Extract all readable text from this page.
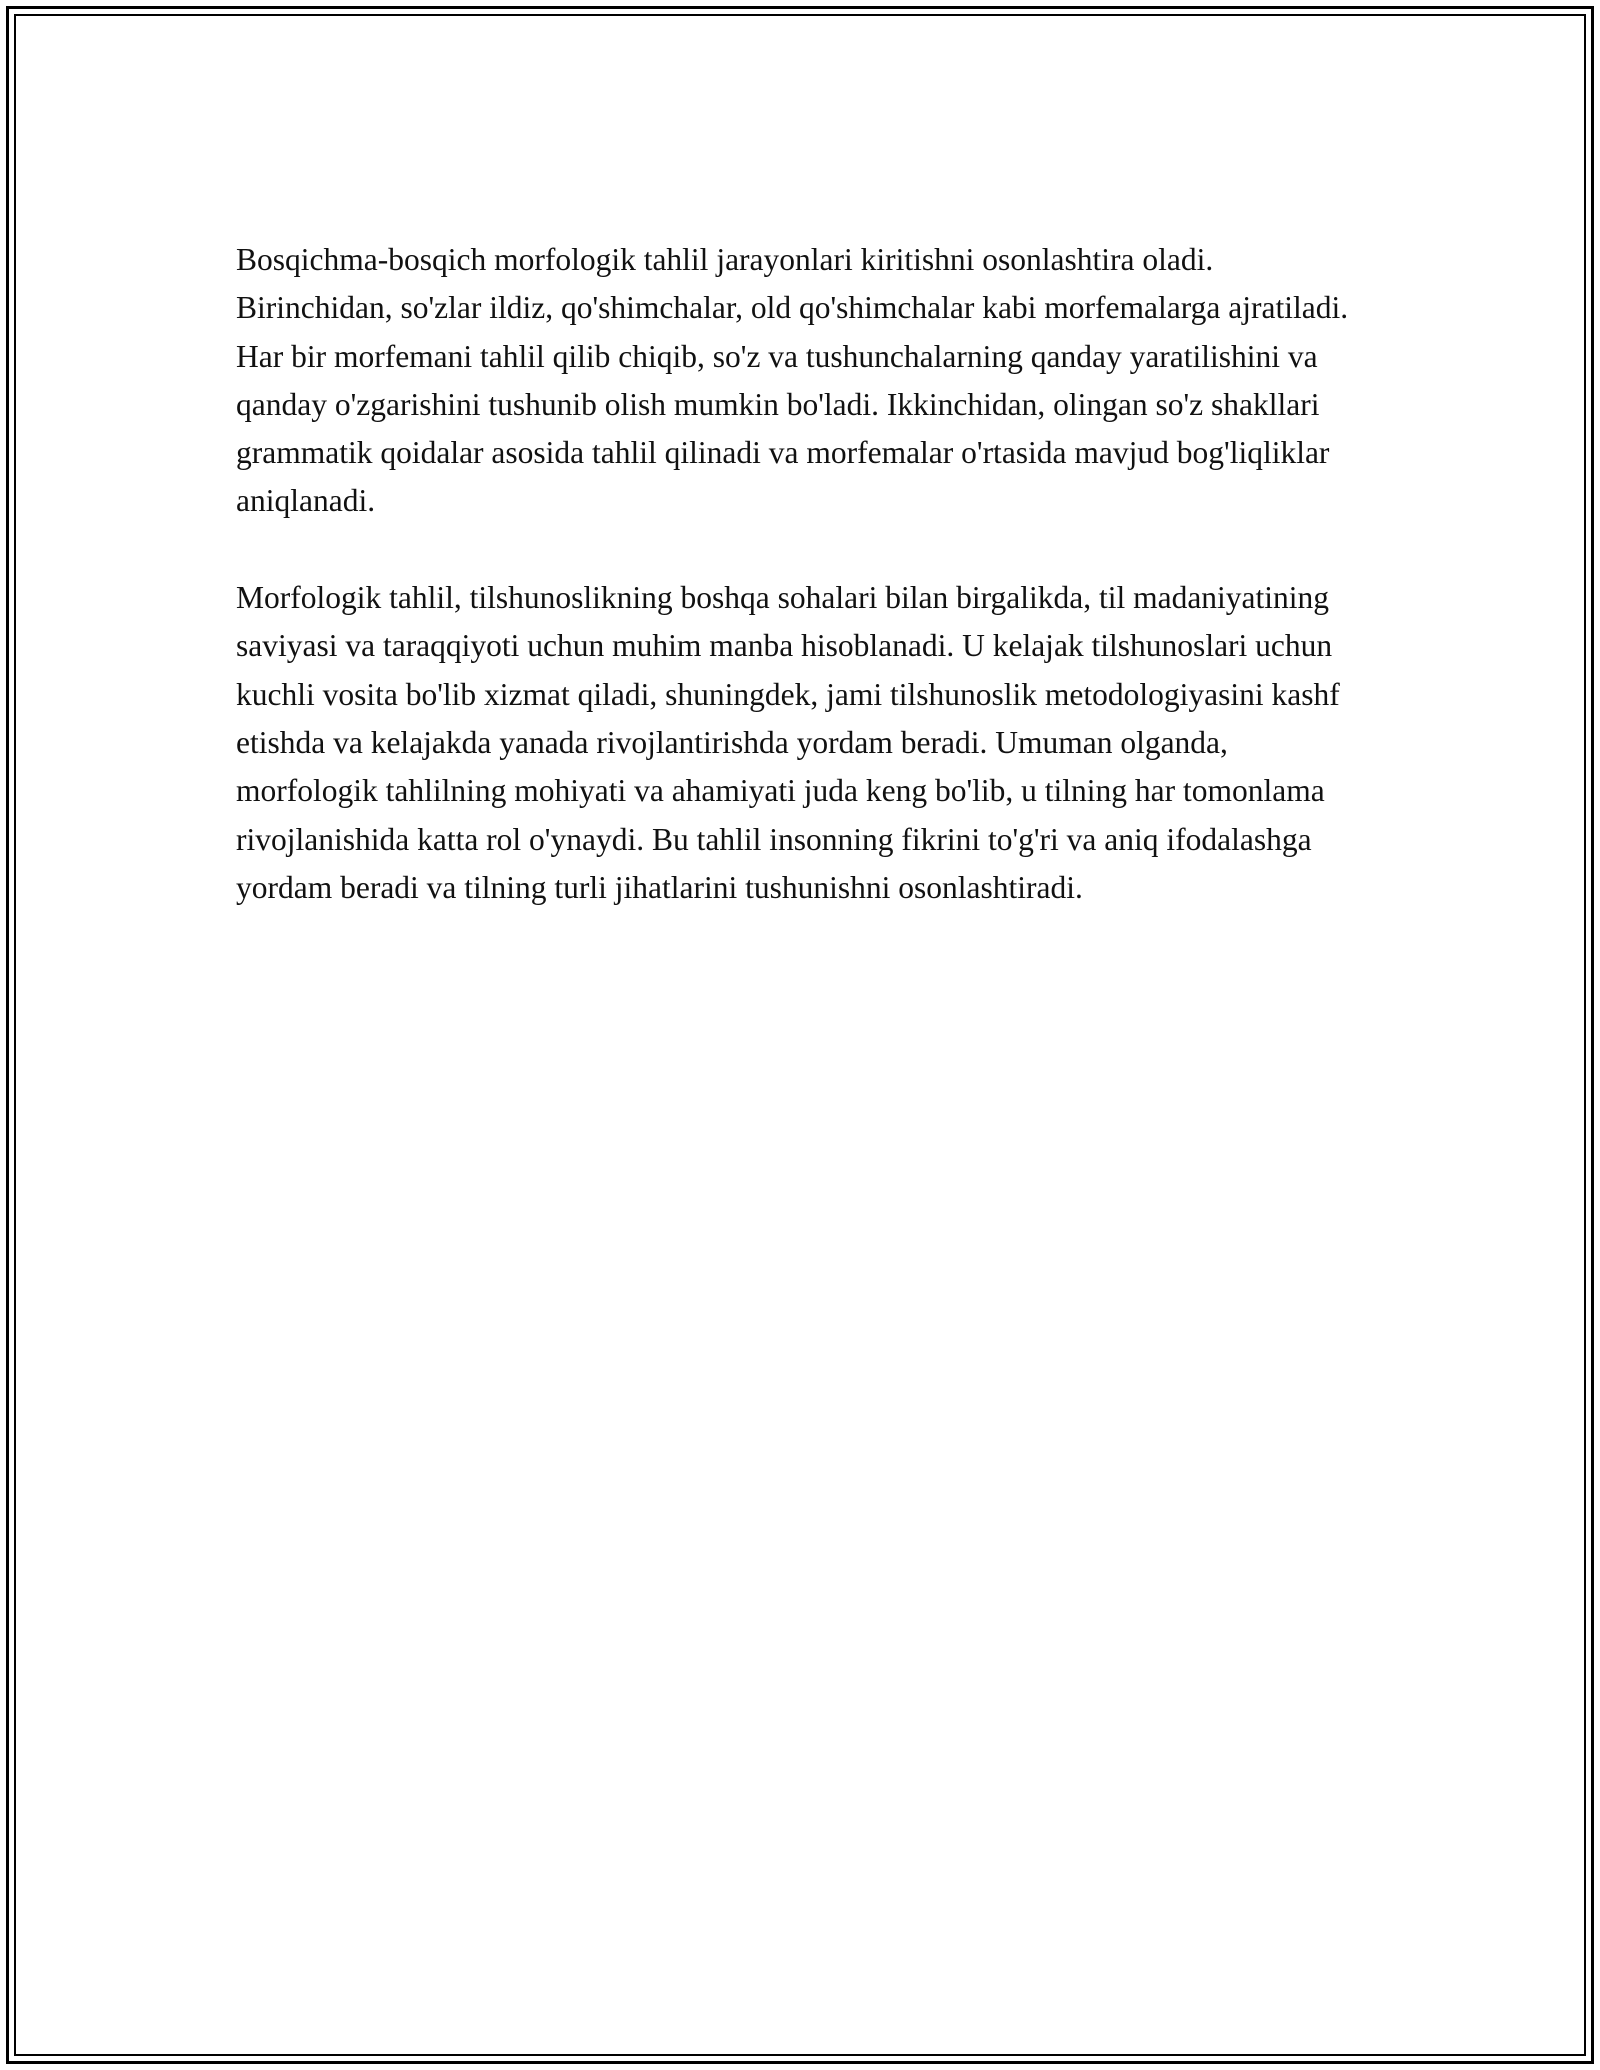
Bosqichma-bosqich morfologik tahlil jarayonlari kiritishni osonlashtira oladi. Birinchidan, so'zlar ildiz, qo'shimchalar, old qo'shimchalar kabi morfemalarga ajratiladi. Har bir morfemani tahlil qilib chiqib, so'z va tushunchalarning qanday yaratilishini va qanday o'zgarishini tushunib olish mumkin bo'ladi. Ikkinchidan, olingan so'z shakllari grammatik qoidalar asosida tahlil qilinadi va morfemalar o'rtasida mavjud bog'liqliklar aniqlanadi.

Morfologik tahlil, tilshunoslikning boshqa sohalari bilan birgalikda, til madaniyatining saviyasi va taraqqiyoti uchun muhim manba hisoblanadi. U kelajak tilshunoslari uchun kuchli vosita bo'lib xizmat qiladi, shuningdek, jami tilshunoslik metodologiyasini kashf etishda va kelajakda yanada rivojlantirishda yordam beradi. Umuman olganda, morfologik tahlilning mohiyati va ahamiyati juda keng bo'lib, u tilning har tomonlama rivojlanishida katta rol o'ynaydi. Bu tahlil insonning fikrini to'g'ri va aniq ifodalashga yordam beradi va tilning turli jihatlarini tushunishni osonlashtiradi.
